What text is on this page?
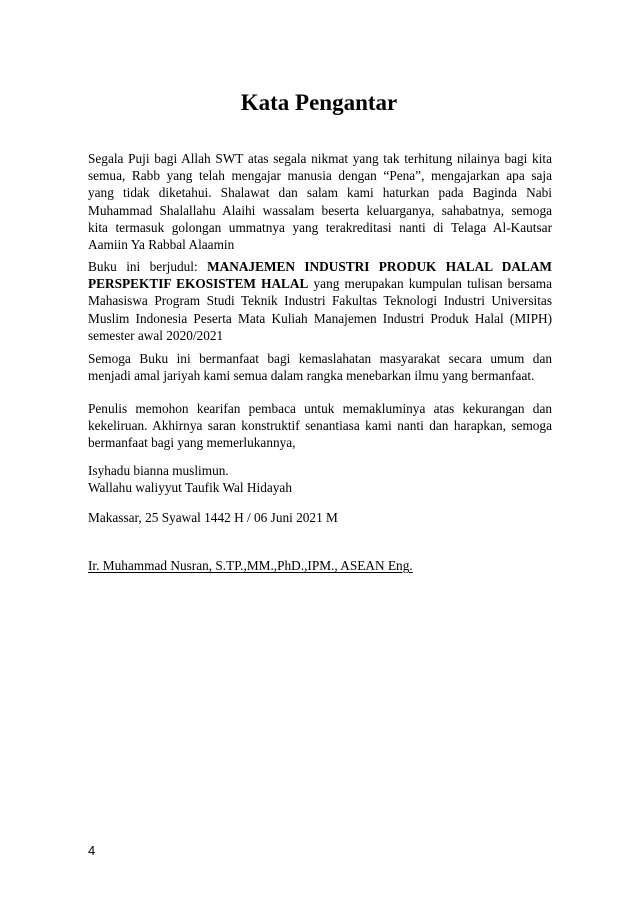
Kata Pengantar
Segala Puji bagi Allah SWT atas segala nikmat yang tak terhitung nilainya bagi kita
semua, Rabb yang telah mengajar manusia dengan “Pena”, mengajarkan apa saja
yang tidak diketahui. Shalawat dan salam kami haturkan pada Baginda Nabi
Muhammad Shalallahu Alaihi wassalam beserta keluarganya, sahabatnya, semoga
kita termasuk golongan ummatnya yang terakreditasi nanti di Telaga Al-Kautsar
Aamiin Ya Rabbal Alaamin
Buku ini berjudul: MANAJEMEN INDUSTRI PRODUK HALAL DALAM
PERSPEKTIF EKOSISTEM HALAL yang merupakan kumpulan tulisan bersama
Mahasiswa Program Studi Teknik Industri Fakultas Teknologi Industri Universitas
Muslim Indonesia Peserta Mata Kuliah Manajemen Industri Produk Halal (MIPH)
semester awal 2020/2021
Semoga Buku ini bermanfaat bagi kemaslahatan masyarakat secara umum dan
menjadi amal jariyah kami semua dalam rangka menebarkan ilmu yang bermanfaat.
Penulis memohon kearifan pembaca untuk memakluminya atas kekurangan dan
kekeliruan. Akhirnya saran konstruktif senantiasa kami nanti dan harapkan, semoga
bermanfaat bagi yang memerlukannya,
Isyhadu bianna muslimun.
Wallahu waliyyut Taufik Wal Hidayah
Makassar, 25 Syawal 1442 H / 06 Juni 2021 M
Ir. Muhammad Nusran, S.TP.,MM.,PhD.,IPM., ASEAN Eng.
4
